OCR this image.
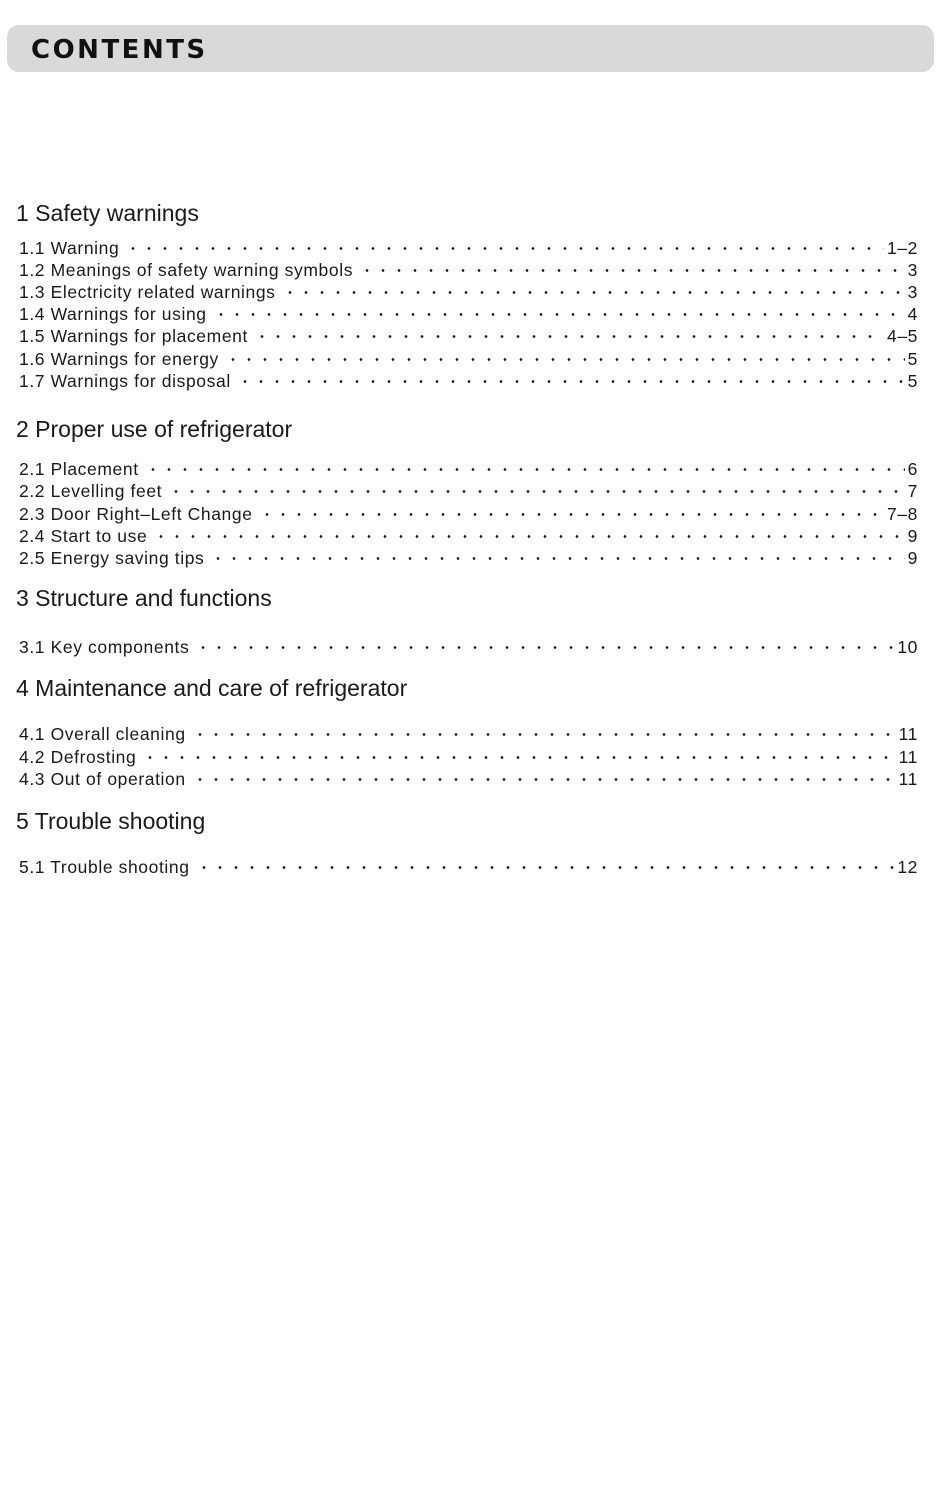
CONTENTS
1 Safety warnings
1.1 Warning	1–2
1.2 Meanings of safety warning symbols	3
1.3 Electricity related warnings	3
1.4 Warnings for using	4
1.5 Warnings for placement	4–5
1.6 Warnings for energy	5
1.7 Warnings for disposal	5
2 Proper use of refrigerator
2.1 Placement	6
2.2 Levelling feet	7
2.3 Door Right–Left Change	7–8
2.4 Start to use	9
2.5 Energy saving tips	9
3 Structure and functions
3.1 Key components	10
4 Maintenance and care of refrigerator
4.1 Overall cleaning	11
4.2 Defrosting	11
4.3 Out of operation	11
5 Trouble shooting
5.1 Trouble shooting	12
